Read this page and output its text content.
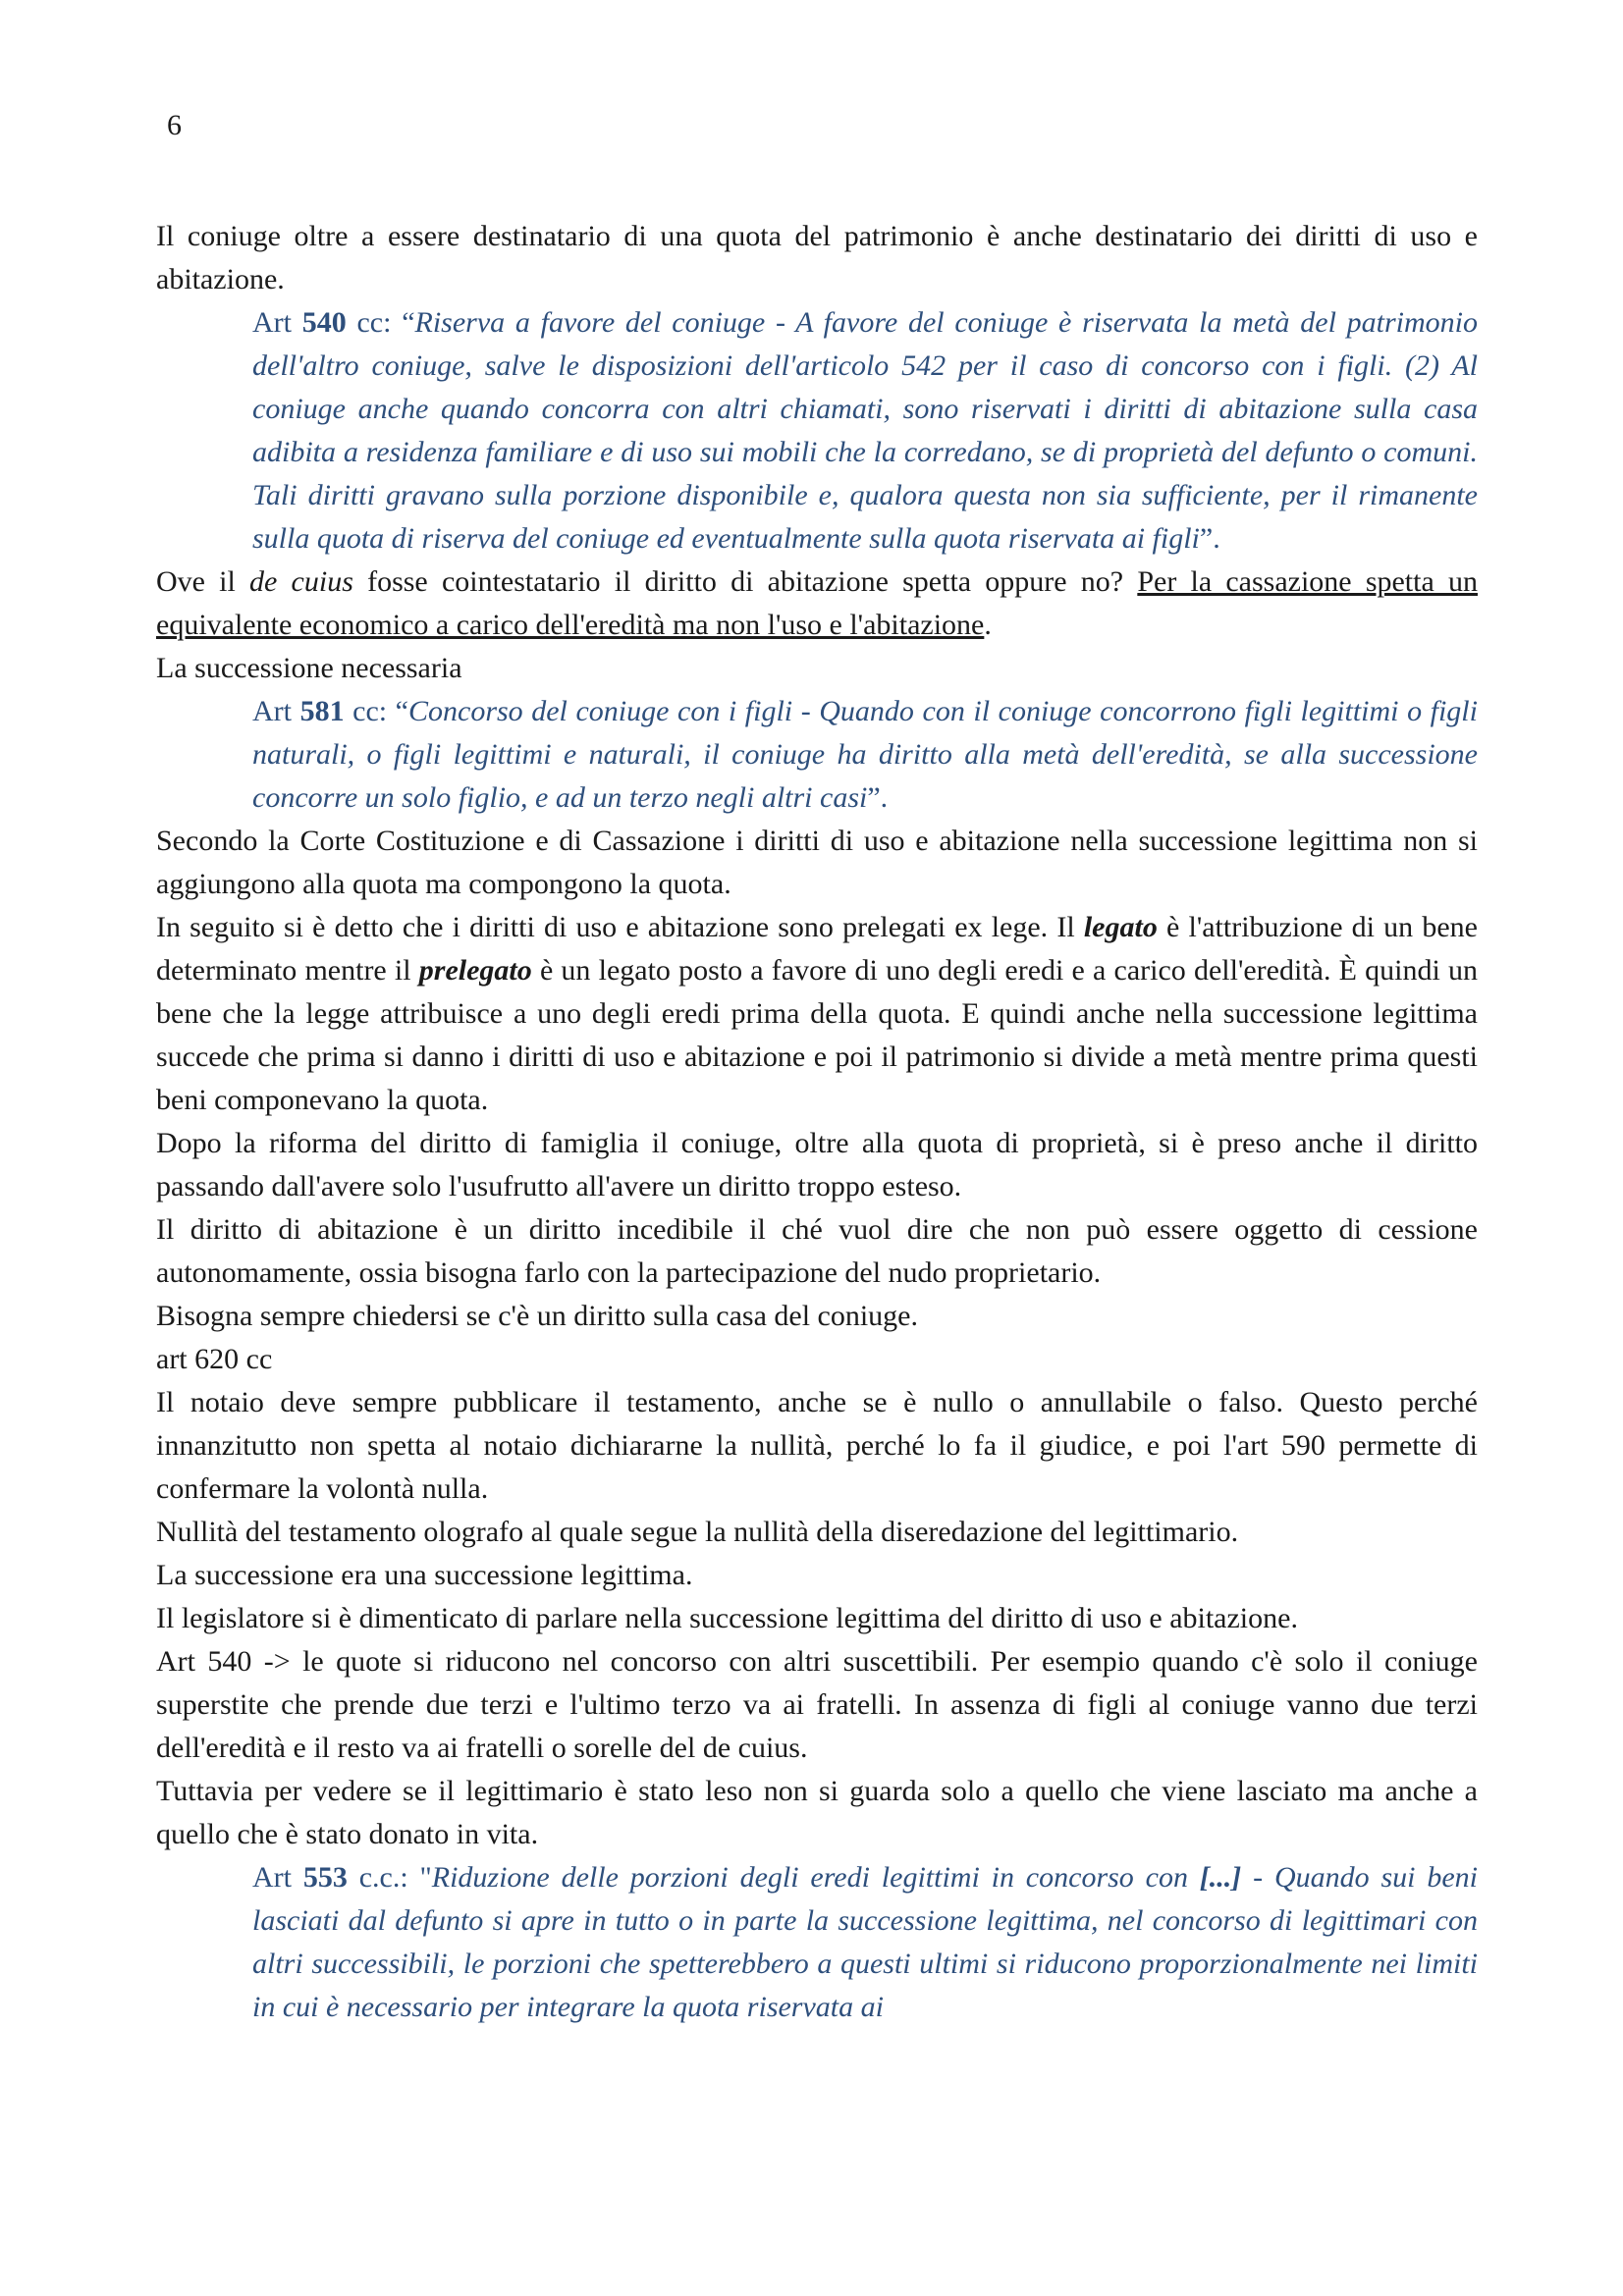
6

Il coniuge oltre a essere destinatario di una quota del patrimonio è anche destinatario dei diritti di uso e abitazione.

Art 540 cc: “Riserva a favore del coniuge - A favore del coniuge è riservata la metà del patrimonio dell'altro coniuge, salve le disposizioni dell'articolo 542 per il caso di concorso con i figli. (2) Al coniuge anche quando concorra con altri chiamati, sono riservati i diritti di abitazione sulla casa adibita a residenza familiare e di uso sui mobili che la corredano, se di proprietà del defunto o comuni. Tali diritti gravano sulla porzione disponibile e, qualora questa non sia sufficiente, per il rimanente sulla quota di riserva del coniuge ed eventualmente sulla quota riservata ai figli”.

Ove il de cuius fosse cointestatario il diritto di abitazione spetta oppure no? Per la cassazione spetta un equivalente economico a carico dell'eredità ma non l'uso e l'abitazione.

La successione necessaria

Art 581 cc: “Concorso del coniuge con i figli - Quando con il coniuge concorrono figli legittimi o figli naturali, o figli legittimi e naturali, il coniuge ha diritto alla metà dell'eredità, se alla successione concorre un solo figlio, e ad un terzo negli altri casi”.

Secondo la Corte Costituzione e di Cassazione i diritti di uso e abitazione nella successione legittima non si aggiungono alla quota ma compongono la quota.

In seguito si è detto che i diritti di uso e abitazione sono prelegati ex lege. Il legato è l'attribuzione di un bene determinato mentre il prelegato è un legato posto a favore di uno degli eredi e a carico dell'eredità. È quindi un bene che la legge attribuisce a uno degli eredi prima della quota. E quindi anche nella successione legittima succede che prima si danno i diritti di uso e abitazione e poi il patrimonio si divide a metà mentre prima questi beni componevano la quota.

Dopo la riforma del diritto di famiglia il coniuge, oltre alla quota di proprietà, si è preso anche il diritto passando dall'avere solo l'usufrutto all'avere un diritto troppo esteso.

Il diritto di abitazione è un diritto incedibile il ché vuol dire che non può essere oggetto di cessione autonomamente, ossia bisogna farlo con la partecipazione del nudo proprietario.

Bisogna sempre chiedersi se c'è un diritto sulla casa del coniuge.

art 620 cc

Il notaio deve sempre pubblicare il testamento, anche se è nullo o annullabile o falso. Questo perché innanzitutto non spetta al notaio dichiararne la nullità, perché lo fa il giudice, e poi l'art 590 permette di confermare la volontà nulla.

Nullità del testamento olografo al quale segue la nullità della diseredazione del legittimario.

La successione era una successione legittima.

Il legislatore si è dimenticato di parlare nella successione legittima del diritto di uso e abitazione.

Art 540 -> le quote si riducono nel concorso con altri suscettibili. Per esempio quando c'è solo il coniuge superstite che prende due terzi e l'ultimo terzo va ai fratelli. In assenza di figli al coniuge vanno due terzi dell'eredità e il resto va ai fratelli o sorelle del de cuius.

Tuttavia per vedere se il legittimario è stato leso non si guarda solo a quello che viene lasciato ma anche a quello che è stato donato in vita.

Art 553 c.c.: "Riduzione delle porzioni degli eredi legittimi in concorso con [...] - Quando sui beni lasciati dal defunto si apre in tutto o in parte la successione legittima, nel concorso di legittimari con altri successibili, le porzioni che spetterebbero a questi ultimi si riducono proporzionalmente nei limiti in cui è necessario per integrare la quota riservata ai
